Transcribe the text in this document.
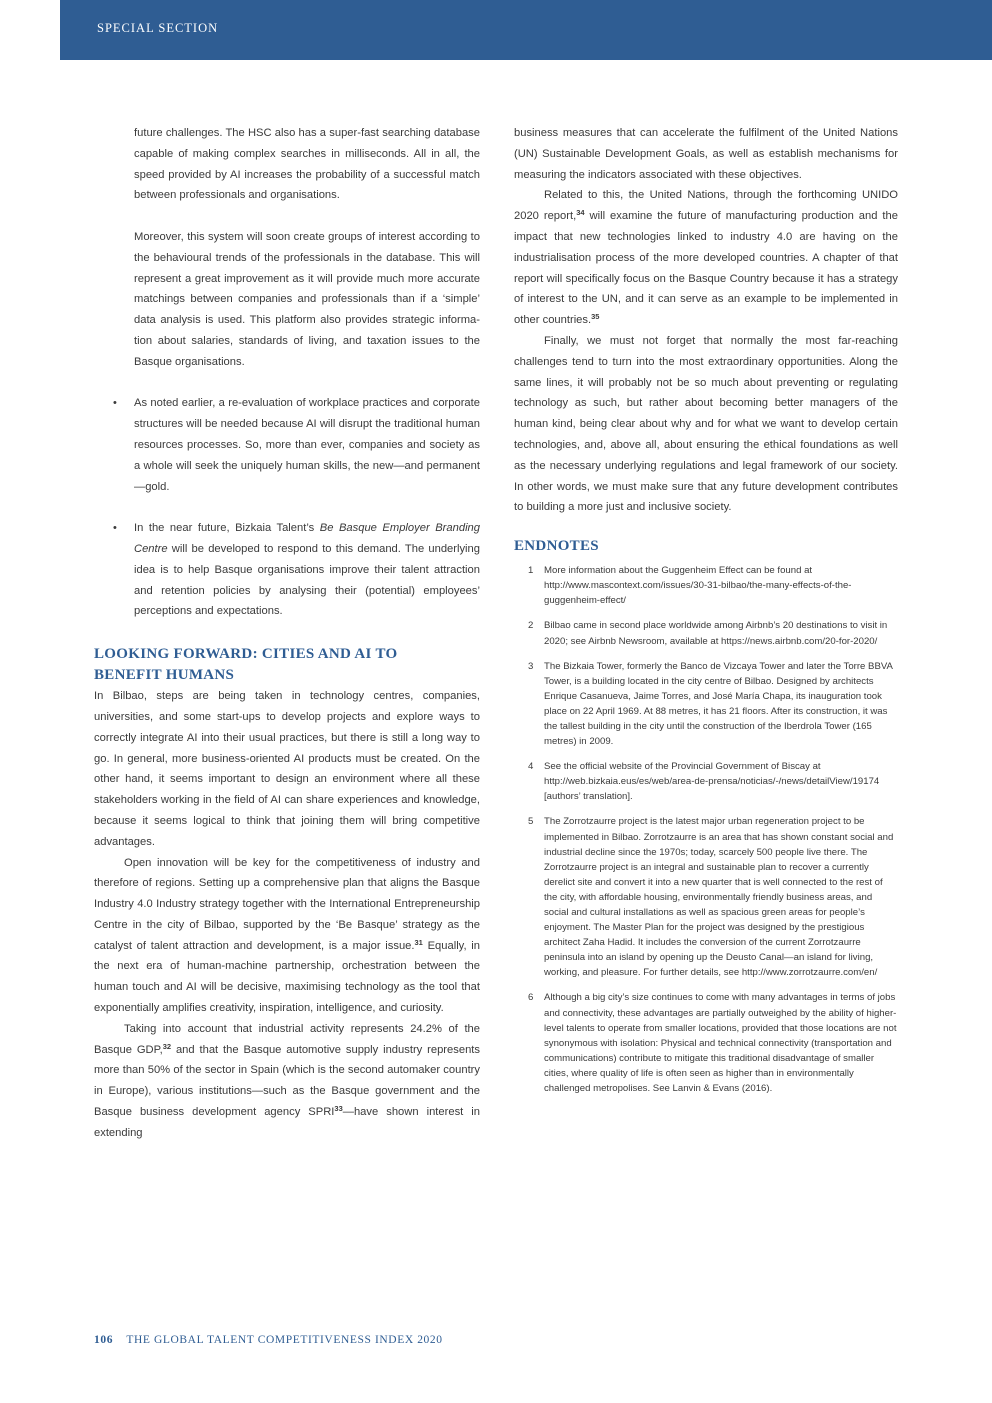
SPECIAL SECTION

future challenges. The HSC also has a super-fast searching database capable of making complex searches in milliseconds. All in all, the speed provided by AI increases the probability of a successful match between professionals and organisations.

Moreover, this system will soon create groups of interest according to the behavioural trends of the professionals in the database. This will represent a great improvement as it will provide much more accurate matchings between companies and professionals than if a ‘simple’ data analysis is used. This platform also provides strategic information about salaries, standards of living, and taxation issues to the Basque organisations.

• As noted earlier, a re-evaluation of workplace practices and corporate structures will be needed because AI will disrupt the traditional human resources processes. So, more than ever, companies and society as a whole will seek the uniquely human skills, the new—and permanent—gold.

• In the near future, Bizkaia Talent’s Be Basque Employer Branding Centre will be developed to respond to this demand. The underlying idea is to help Basque organisations improve their talent attraction and retention policies by analysing their (potential) employees’ perceptions and expectations.

LOOKING FORWARD: CITIES AND AI TO
BENEFIT HUMANS

In Bilbao, steps are being taken in technology centres, companies, universities, and some start-ups to develop projects and explore ways to correctly integrate AI into their usual practices, but there is still a long way to go. In general, more business-oriented AI products must be created. On the other hand, it seems important to design an environment where all these stakeholders working in the field of AI can share experiences and knowledge, because it seems logical to think that joining them will bring competitive advantages.

Open innovation will be key for the competitiveness of industry and therefore of regions. Setting up a comprehensive plan that aligns the Basque Industry 4.0 Industry strategy together with the International Entrepreneurship Centre in the city of Bilbao, supported by the ‘Be Basque’ strategy as the catalyst of talent attraction and development, is a major issue.$^{31}$ Equally, in the next era of human-machine partnership, orchestration between the human touch and AI will be decisive, maximising technology as the tool that exponentially amplifies creativity, inspiration, intelligence, and curiosity.

Taking into account that industrial activity represents 24.2% of the Basque GDP,$^{32}$ and that the Basque automotive supply industry represents more than 50% of the sector in Spain (which is the second automaker country in Europe), various institutions—such as the Basque government and the Basque business development agency SPRI$^{33}$—have shown interest in extending

business measures that can accelerate the fulfilment of the United Nations (UN) Sustainable Development Goals, as well as establish mechanisms for measuring the indicators associated with these objectives.

Related to this, the United Nations, through the forthcoming UNIDO 2020 report,$^{34}$ will examine the future of manufacturing production and the impact that new technologies linked to industry 4.0 are having on the industrialisation process of the more developed countries. A chapter of that report will specifically focus on the Basque Country because it has a strategy of interest to the UN, and it can serve as an example to be implemented in other countries.$^{35}$

Finally, we must not forget that normally the most far-reaching challenges tend to turn into the most extraordinary opportunities. Along the same lines, it will probably not be so much about preventing or regulating technology as such, but rather about becoming better managers of the human kind, being clear about why and for what we want to develop certain technologies, and, above all, about ensuring the ethical foundations as well as the necessary underlying regulations and legal framework of our society. In other words, we must make sure that any future development contributes to building a more just and inclusive society.

ENDNOTES
1 More information about the Guggenheim Effect can be found at http://www.mascontext.com/issues/30-31-bilbao/the-many-effects-of-the-guggenheim-effect/
2 Bilbao came in second place worldwide among Airbnb’s 20 destinations to visit in 2020; see Airbnb Newsroom, available at https://news.airbnb.com/20-for-2020/
3 The Bizkaia Tower, formerly the Banco de Vizcaya Tower and later the Torre BBVA Tower, is a building located in the city centre of Bilbao. Designed by architects Enrique Casanueva, Jaime Torres, and José María Chapa, its inauguration took place on 22 April 1969. At 88 metres, it has 21 floors. After its construction, it was the tallest building in the city until the construction of the Iberdrola Tower (165 metres) in 2009.
4 See the official website of the Provincial Government of Biscay at http://web.bizkaia.eus/es/web/area-de-prensa/noticias/-/news/detailView/19174 [authors’ translation].
5 The Zorrotzaurre project is the latest major urban regeneration project to be implemented in Bilbao. Zorrotzaurre is an area that has shown constant social and industrial decline since the 1970s; today, scarcely 500 people live there. The Zorrotzaurre project is an integral and sustainable plan to recover a currently derelict site and convert it into a new quarter that is well connected to the rest of the city, with affordable housing, environmentally friendly business areas, and social and cultural installations as well as spacious green areas for people’s enjoyment. The Master Plan for the project was designed by the prestigious architect Zaha Hadid. It includes the conversion of the current Zorrotzaurre peninsula into an island by opening up the Deusto Canal—an island for living, working, and pleasure. For further details, see http://www.zorrotzaurre.com/en/
6 Although a big city’s size continues to come with many advantages in terms of jobs and connectivity, these advantages are partially outweighed by the ability of higher-level talents to operate from smaller locations, provided that those locations are not synonymous with isolation: Physical and technical connectivity (transportation and communications) contribute to mitigate this traditional disadvantage of smaller cities, where quality of life is often seen as higher than in environmentally challenged metropolises. See Lanvin & Evans (2016).
106 THE GLOBAL TALENT COMPETITIVENESS INDEX 2020
